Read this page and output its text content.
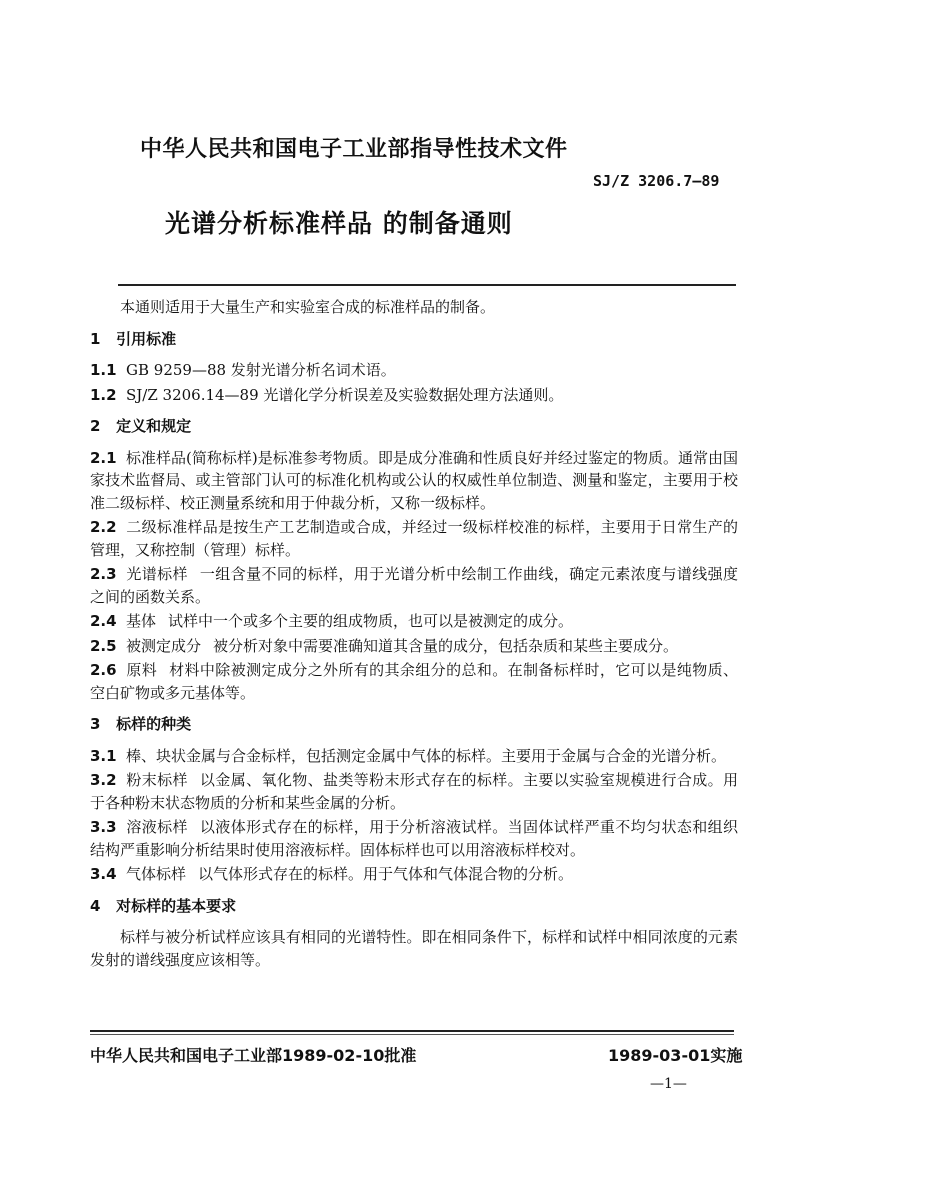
中华人民共和国电子工业部指导性技术文件
SJ/Z 3206.7—89
光谱分析标准样品 的制备通则

本通则适用于大量生产和实验室合成的标准样品的制备。

1 引用标准

1.1 GB 9259—88 发射光谱分析名词术语。

1.2 SJ/Z 3206.14—89 光谱化学分析误差及实验数据处理方法通则。

2 定义和规定

2.1 标准样品(简称标样)是标准参考物质。即是成分准确和性质良好并经过鉴定的物质。通常由国家技术监督局、或主管部门认可的标准化机构或公认的权威性单位制造、测量和鉴定，主要用于校准二级标样、校正测量系统和用于仲裁分析，又称一级标样。

2.2 二级标准样品是按生产工艺制造或合成，并经过一级标样校准的标样，主要用于日常生产的管理，又称控制（管理）标样。

2.3 光谱标样 一组含量不同的标样，用于光谱分析中绘制工作曲线，确定元素浓度与谱线强度之间的函数关系。

2.4 基体 试样中一个或多个主要的组成物质，也可以是被测定的成分。

2.5 被测定成分 被分析对象中需要准确知道其含量的成分，包括杂质和某些主要成分。

2.6 原料 材料中除被测定成分之外所有的其余组分的总和。在制备标样时，它可以是纯物质、空白矿物或多元基体等。

3 标样的种类

3.1 棒、块状金属与合金标样，包括测定金属中气体的标样。主要用于金属与合金的光谱分析。

3.2 粉末标样 以金属、氧化物、盐类等粉末形式存在的标样。主要以实验室规模进行合成。用于各种粉末状态物质的分析和某些金属的分析。

3.3 溶液标样 以液体形式存在的标样，用于分析溶液试样。当固体试样严重不均匀状态和组织结构严重影响分析结果时使用溶液标样。固体标样也可以用溶液标样校对。

3.4 气体标样 以气体形式存在的标样。用于气体和气体混合物的分析。

4 对标样的基本要求

标样与被分析试样应该具有相同的光谱特性。即在相同条件下，标样和试样中相同浓度的元素发射的谱线强度应该相等。

中华人民共和国电子工业部1989-02-10批准	1989-03-01实施
—1—
